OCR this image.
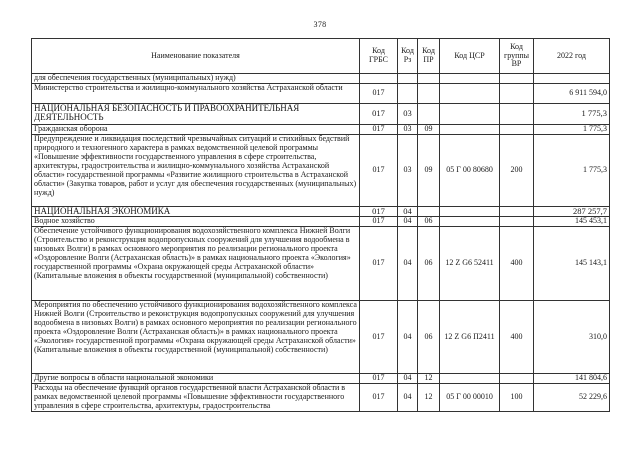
378
Наименование показателя	Код ГРБС	Код Рз	Код ПР	Код ЦСР	Код группы ВР	2022 год
для обеспечения государственных (муниципальных) нужд)						
Министерство строительства и жилищно-коммунального хозяйства Астраханской области	017					6 911 594,0
НАЦИОНАЛЬНАЯ БЕЗОПАСНОСТЬ И ПРАВООХРАНИТЕЛЬНАЯ ДЕЯТЕЛЬНОСТЬ	017	03				1 775,3
Гражданская оборона	017	03	09			1 775,3
Предупреждение и ликвидация последствий чрезвычайных ситуаций и стихийных бедствий природного и техногенного характера в рамках ведомственной целевой программы «Повышение эффективности государственного управления в сфере строительства, архитектуры, градостроительства и жилищно-коммунального хозяйства Астраханской области» государственной программы «Развитие жилищного строительства в Астраханской области» (Закупка товаров, работ и услуг для обеспечения государственных (муниципальных) нужд)	017	03	09	05 Г 00 80680	200	1 775,3
НАЦИОНАЛЬНАЯ ЭКОНОМИКА	017	04				287 257,7
Водное хозяйство	017	04	06			145 453,1
Обеспечение устойчивого функционирования водохозяйственного комплекса Нижней Волги (Строительство и реконструкция водопропускных сооружений для улучшения водообмена в низовьях Волги) в рамках основного мероприятия по реализации регионального проекта «Оздоровление Волги (Астраханская область)» в рамках национального проекта «Экология» государственной программы «Охрана окружающей среды Астраханской области» (Капитальные вложения в объекты государственной (муниципальной) собственности)	017	04	06	12 Z G6 52411	400	145 143,1
Мероприятия по обеспечению устойчивого функционирования водохозяйственного комплекса Нижней Волги (Строительство и реконструкция водопропускных сооружений для улучшения водообмена в низовьях Волги) в рамках основного мероприятия по реализации регионального проекта «Оздоровление Волги (Астраханская область)» в рамках национального проекта «Экология» государственной программы «Охрана окружающей среды Астраханской области» (Капитальные вложения в объекты государственной (муниципальной) собственности)	017	04	06	12 Z G6 П2411	400	310,0
Другие вопросы в области национальной экономики	017	04	12			141 804,6
Расходы на обеспечение функций органов государственной власти Астраханской области в рамках ведомственной целевой программы «Повышение эффективности государственного управления в сфере строительства, архитектуры, градостроительства	017	04	12	05 Г 00 00010	100	52 229,6
